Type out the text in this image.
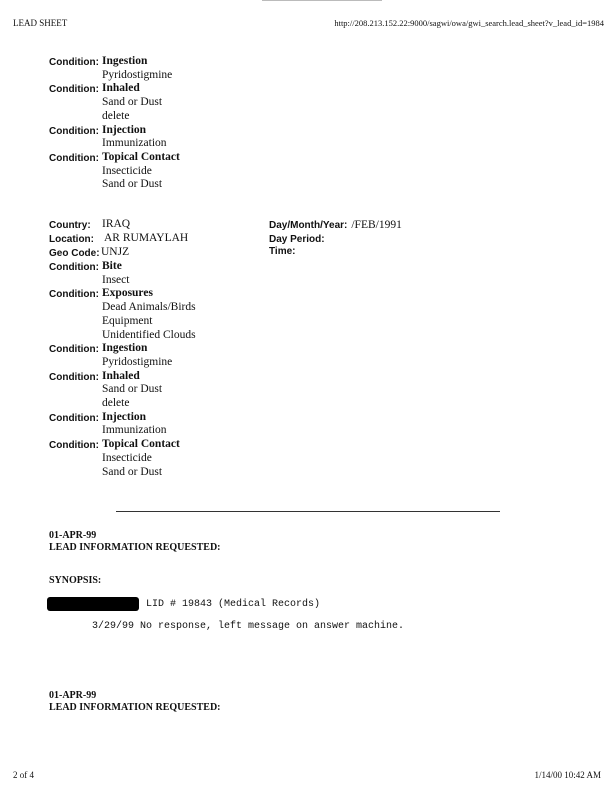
LEAD SHEET	http://208.213.152.22:9000/sagwi/owa/gwi_search.lead_sheet?v_lead_id=1984
Condition: Ingestion
Pyridostigmine
Condition: Inhaled
Sand or Dust
delete
Condition: Injection
Immunization
Condition: Topical Contact
Insecticide
Sand or Dust
Country: IRAQ
Location: AR RUMAYLAH
Geo Code: UNJZ
Condition: Bite
Insect
Condition: Exposures
Dead Animals/Birds
Equipment
Unidentified Clouds
Condition: Ingestion
Pyridostigmine
Condition: Inhaled
Sand or Dust
delete
Condition: Injection
Immunization
Condition: Topical Contact
Insecticide
Sand or Dust
Day/Month/Year: /FEB/1991
Day Period:
Time:
01-APR-99
LEAD INFORMATION REQUESTED:
SYNOPSIS:
LID # 19843 (Medical Records)
3/29/99 No response, left message on answer machine.
01-APR-99
LEAD INFORMATION REQUESTED:
2 of 4	1/14/00 10:42 AM
